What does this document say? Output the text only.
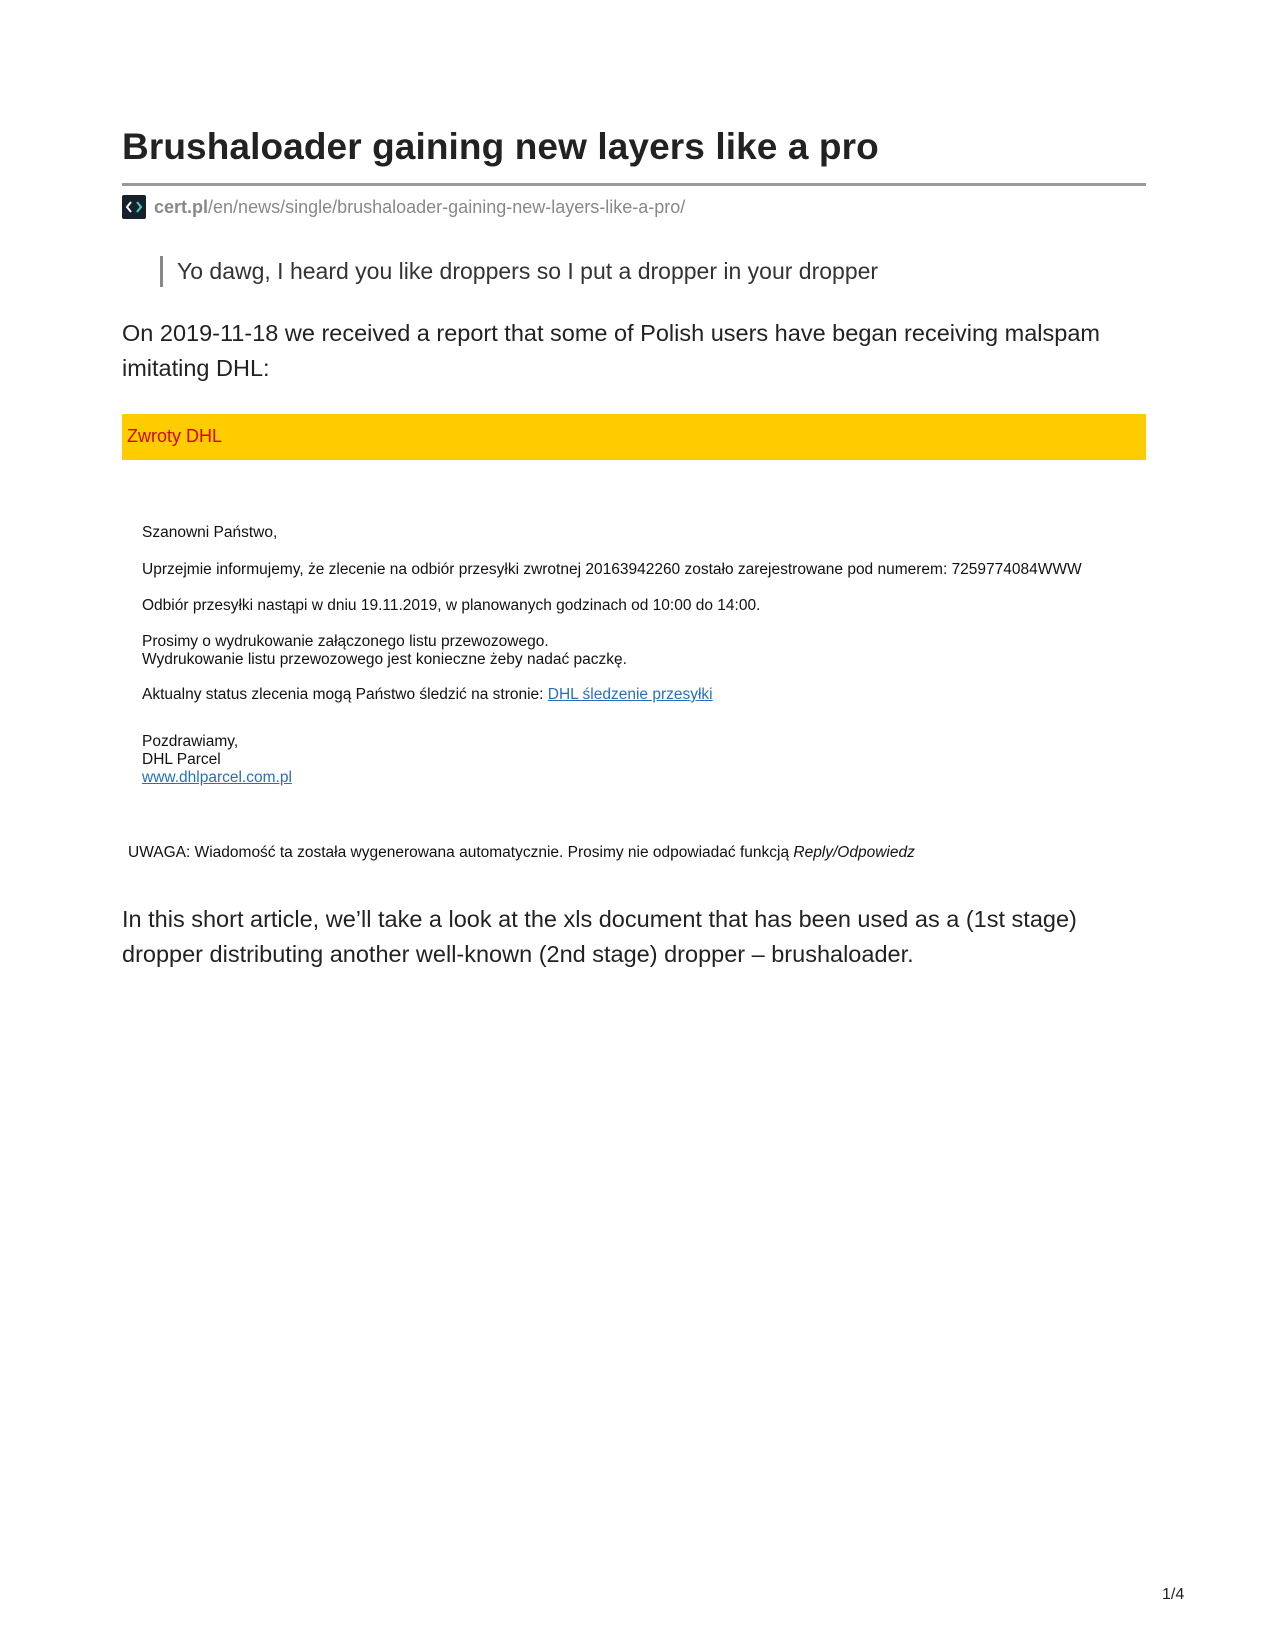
Brushaloader gaining new layers like a pro
cert.pl /en/news/single/brushaloader-gaining-new-layers-like-a-pro/
Yo dawg, I heard you like droppers so I put a dropper in your dropper

On 2019-11-18 we received a report that some of Polish users have began receiving malspam imitating DHL:

Zwroty DHL

Szanowni Państwo,

Uprzejmie informujemy, że zlecenie na odbiór przesyłki zwrotnej 20163942260 zostało zarejestrowane pod numerem: 7259774084WWW

Odbiór przesyłki nastąpi w dniu 19.11.2019, w planowanych godzinach od 10:00 do 14:00.

Prosimy o wydrukowanie załączonego listu przewozowego.

Wydrukowanie listu przewozowego jest konieczne żeby nadać paczkę.

Aktualny status zlecenia mogą Państwo śledzić na stronie: DHL śledzenie przesyłki

Pozdrawiamy,

DHL Parcel

www.dhlparcel.com.pl

UWAGA: Wiadomość ta została wygenerowana automatycznie. Prosimy nie odpowiadać funkcją Reply/Odpowiedz

In this short article, we’ll take a look at the xls document that has been used as a (1st stage) dropper distributing another well-known (2nd stage) dropper – brushaloader.

1/4
